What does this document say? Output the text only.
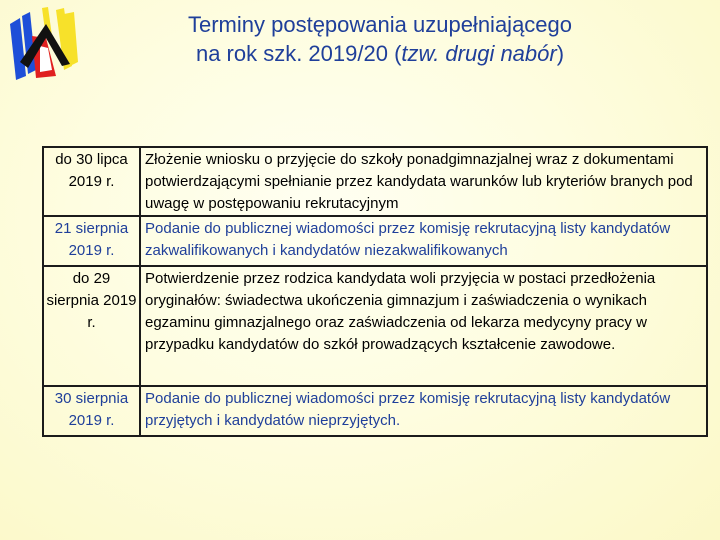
Terminy postępowania uzupełniającego
na rok szk. 2019/20 (tzw. drugi nabór)
do 30 lipca 2019 r.	Złożenie wniosku o przyjęcie do szkoły ponadgimnazjalnej wraz z dokumentami potwierdzającymi spełnianie przez kandydata warunków lub kryteriów branych pod uwagę w postępowaniu rekrutacyjnym
21 sierpnia 2019 r.	Podanie do publicznej wiadomości przez komisję rekrutacyjną listy kandydatów zakwalifikowanych i kandydatów niezakwalifikowanych
do 29 sierpnia 2019 r.	Potwierdzenie przez rodzica kandydata woli przyjęcia w postaci przedłożenia oryginałów: świadectwa ukończenia gimnazjum i zaświadczenia o wynikach egzaminu gimnazjalnego oraz zaświadczenia od lekarza medycyny pracy w przypadku kandydatów do szkół prowadzących kształcenie zawodowe.
30 sierpnia 2019 r.	Podanie do publicznej wiadomości przez komisję rekrutacyjną listy kandydatów przyjętych i kandydatów nieprzyjętych.
